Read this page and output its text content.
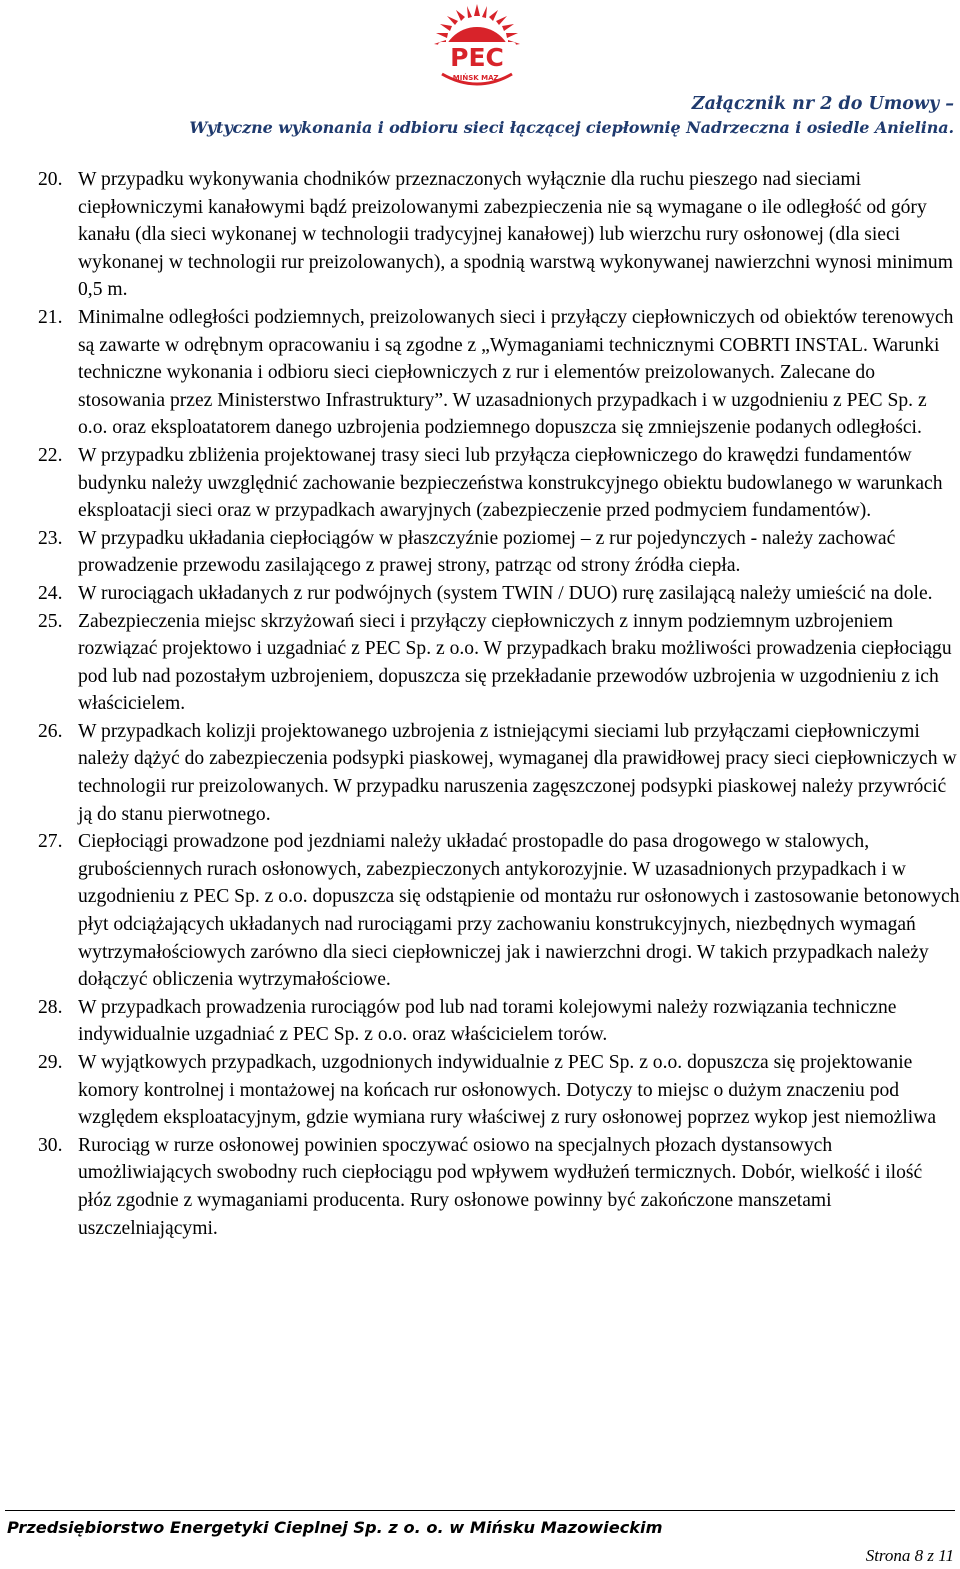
PEC
MIŃSK MAZ.
Załącznik nr 2 do Umowy –
Wytyczne wykonania i odbioru sieci łączącej ciepłownię Nadrzeczna i osiedle Anielina.
20. W przypadku wykonywania chodników przeznaczonych wyłącznie dla ruchu pieszego nad sieciami ciepłowniczymi kanałowymi bądź preizolowanymi zabezpieczenia nie są wymagane o ile odległość od góry kanału (dla sieci wykonanej w technologii tradycyjnej kanałowej) lub wierzchu rury osłonowej (dla sieci wykonanej w technologii rur preizolowanych), a spodnią warstwą wykonywanej nawierzchni wynosi minimum 0,5 m.
21. Minimalne odległości podziemnych, preizolowanych sieci i przyłączy ciepłowniczych od obiektów terenowych są zawarte w odrębnym opracowaniu i są zgodne z „Wymaganiami technicznymi COBRTI INSTAL. Warunki techniczne wykonania i odbioru sieci ciepłowniczych z rur i elementów preizolowanych. Zalecane do stosowania przez Ministerstwo Infrastruktury”. W uzasadnionych przypadkach i w uzgodnieniu z PEC Sp. z o.o. oraz eksploatatorem danego uzbrojenia podziemnego dopuszcza się zmniejszenie podanych odległości.
22. W przypadku zbliżenia projektowanej trasy sieci lub przyłącza ciepłowniczego do krawędzi fundamentów budynku należy uwzględnić zachowanie bezpieczeństwa konstrukcyjnego obiektu budowlanego w warunkach eksploatacji sieci oraz w przypadkach awaryjnych (zabezpieczenie przed podmyciem fundamentów).
23. W przypadku układania ciepłociągów w płaszczyźnie poziomej – z rur pojedynczych - należy zachować prowadzenie przewodu zasilającego z prawej strony, patrząc od strony źródła ciepła.
24. W rurociągach układanych z rur podwójnych (system TWIN / DUO) rurę zasilającą należy umieścić na dole.
25. Zabezpieczenia miejsc skrzyżowań sieci i przyłączy ciepłowniczych z innym podziemnym uzbrojeniem rozwiązać projektowo i uzgadniać z PEC Sp. z o.o. W przypadkach braku możliwości prowadzenia ciepłociągu pod lub nad pozostałym uzbrojeniem, dopuszcza się przekładanie przewodów uzbrojenia w uzgodnieniu z ich właścicielem.
26. W przypadkach kolizji projektowanego uzbrojenia z istniejącymi sieciami lub przyłączami ciepłowniczymi należy dążyć do zabezpieczenia podsypki piaskowej, wymaganej dla prawidłowej pracy sieci ciepłowniczych w technologii rur preizolowanych. W przypadku naruszenia zagęszczonej podsypki piaskowej należy przywrócić ją do stanu pierwotnego.
27. Ciepłociągi prowadzone pod jezdniami należy układać prostopadle do pasa drogowego w stalowych, grubościennych rurach osłonowych, zabezpieczonych antykorozyjnie. W uzasadnionych przypadkach i w uzgodnieniu z PEC Sp. z o.o. dopuszcza się odstąpienie od montażu rur osłonowych i zastosowanie betonowych płyt odciążających układanych nad rurociągami przy zachowaniu konstrukcyjnych, niezbędnych wymagań wytrzymałościowych zarówno dla sieci ciepłowniczej jak i nawierzchni drogi. W takich przypadkach należy dołączyć obliczenia wytrzymałościowe.
28. W przypadkach prowadzenia rurociągów pod lub nad torami kolejowymi należy rozwiązania techniczne indywidualnie uzgadniać z PEC Sp. z o.o. oraz właścicielem torów.
29. W wyjątkowych przypadkach, uzgodnionych indywidualnie z PEC Sp. z o.o. dopuszcza się projektowanie komory kontrolnej i montażowej na końcach rur osłonowych. Dotyczy to miejsc o dużym znaczeniu pod względem eksploatacyjnym, gdzie wymiana rury właściwej z rury osłonowej poprzez wykop jest niemożliwa
30. Rurociąg w rurze osłonowej powinien spoczywać osiowo na specjalnych płozach dystansowych umożliwiających swobodny ruch ciepłociągu pod wpływem wydłużeń termicznych. Dobór, wielkość i ilość płóz zgodnie z wymaganiami producenta. Rury osłonowe powinny być zakończone manszetami uszczelniającymi.
Przedsiębiorstwo Energetyki Cieplnej Sp. z o. o. w Mińsku Mazowieckim
Strona 8 z 11
